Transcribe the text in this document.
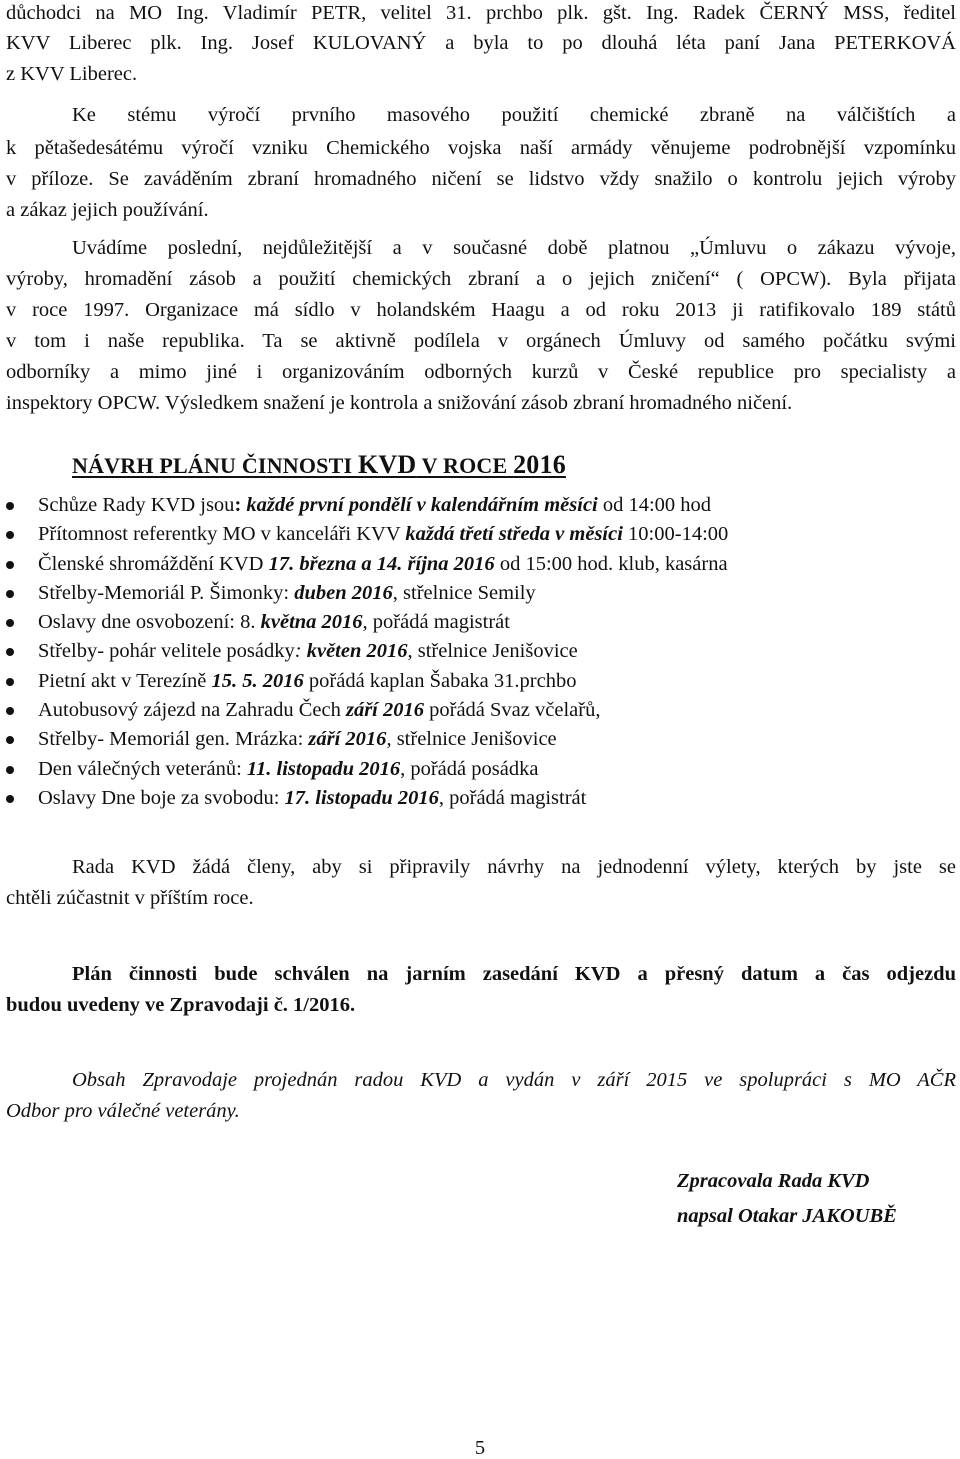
důchodci na MO Ing. Vladimír PETR, velitel 31. prchbo plk. gšt. Ing. Radek ČERNÝ MSS, ředitel
KVV Liberec plk. Ing. Josef KULOVANÝ a byla to po dlouhá léta paní Jana PETERKOVÁ
z KVV Liberec.
Ke stému výročí prvního masového použití chemické zbraně na válčištích a
k pětašedesátému výročí vzniku Chemického vojska naší armády věnujeme podrobnější vzpomínku
v příloze. Se zaváděním zbraní hromadného ničení se lidstvo vždy snažilo o kontrolu jejich výroby
a zákaz jejich používání.
Uvádíme poslední, nejdůležitější a v současné době platnou „Úmluvu o zákazu vývoje,
výroby, hromadění zásob a použití chemických zbraní a o jejich zničení“ ( OPCW). Byla přijata
v roce 1997. Organizace má sídlo v holandském Haagu a od roku 2013 ji ratifikovalo 189 států
v tom i naše republika. Ta se aktivně podílela v orgánech Úmluvy od samého počátku svými
odborníky a mimo jiné i organizováním odborných kurzů v České republice pro specialisty a
inspektory OPCW. Výsledkem snažení je kontrola a snižování zásob zbraní hromadného ničení.
NÁVRH PLÁNU ČINNOSTI KVD V ROCE 2016
Schůze Rady KVD jsou: každé první pondělí v kalendářním měsíci od 14:00 hod
Přítomnost referentky MO v kanceláři KVV každá třetí středa v měsíci 10:00-14:00
Členské shromáždění KVD 17. března a 14. října 2016 od 15:00 hod. klub, kasárna
Střelby-Memoriál P. Šimonky: duben 2016, střelnice Semily
Oslavy dne osvobození: 8. května 2016, pořádá magistrát
Střelby- pohár velitele posádky: květen 2016, střelnice Jenišovice
Pietní akt v Terezíně 15. 5. 2016 pořádá kaplan Šabaka 31.prchbo
Autobusový zájezd na Zahradu Čech září 2016 pořádá Svaz včelařů,
Střelby- Memoriál gen. Mrázka: září 2016, střelnice Jenišovice
Den válečných veteránů: 11. listopadu 2016, pořádá posádka
Oslavy Dne boje za svobodu: 17. listopadu 2016, pořádá magistrát
Rada KVD žádá členy, aby si připravily návrhy na jednodenní výlety, kterých by jste se
chtěli zúčastnit v příštím roce.
Plán činnosti bude schválen na jarním zasedání KVD a přesný datum a čas odjezdu
budou uvedeny ve Zpravodaji č. 1/2016.
Obsah Zpravodaje projednán radou KVD a vydán v září 2015 ve spolupráci s MO AČR
Odbor pro válečné veterány.
Zpracovala Rada KVD
napsal Otakar JAKOUBĚ
5
